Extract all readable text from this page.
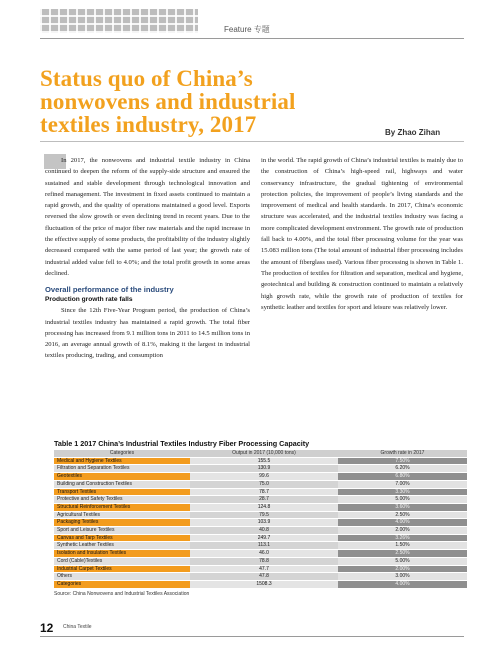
Feature 专题
Status quo of China’s nonwovens and industrial textiles industry, 2017	By Zhao Zihan

In 2017, the nonwovens and industrial textile industry in China continued to deepen the reform of the supply-side structure and ensured the sustained and stable development through technological innovation and refined management. The investment in fixed assets continued to maintain a rapid growth, and the quality of operations maintained a good level. Exports reversed the slow growth or even declining trend in recent years. Due to the fluctuation of the price of major fiber raw materials and the rapid increase in the effective supply of some products, the profitability of the industry slightly decreased compared with the same period of last year; the growth rate of industrial added value fell to 4.0%; and the total profit growth in some areas declined.

Overall performance of the industry
Production growth rate falls

Since the 12th Five-Year Program period, the production of China’s industrial textiles industry has maintained a rapid growth. The total fiber processing has increased from 9.1 million tons in 2011 to 14.5 million tons in 2016, an average annual growth of 8.1%, making it the largest in industrial textiles producing, trading, and consumption

in the world. The rapid growth of China’s industrial textiles is mainly due to the construction of China’s high-speed rail, highways and water conservancy infrastructure, the gradual tightening of environmental protection policies, the improvement of people’s living standards and the improvement of medical and health standards. In 2017, China’s economic structure was accelerated, and the industrial textiles industry was facing a more complicated development environment. The growth rate of production fall back to 4.00%, and the total fiber processing volume for the year was 15.083 million tons (The total amount of industrial fiber processing includes the amount of fiberglass used). Various fiber processing is shown in Table 1. The production of textiles for filtration and separation, medical and hygiene, geotechnical and building & construction continued to maintain a relatively high growth rate, while the growth rate of production of textiles for synthetic leather and textiles for sport and leisure was relatively lower.

Table 1 2017 China’s Industrial Textiles Industry Fiber Processing Capacity
Categories	Output in 2017 (10,000 tons)	Growth rate in 2017
Medical and Hygiene Textiles	155.5	7.50%
Filtration and Separation Textiles	130.9	6.20%
Geotextiles	99.6	6.80%
Building and Construction Textiles	75.0	7.00%
Transport Textiles	78.7	3.30%
Protective and Safety Textiles	28.7	5.00%
Structural Reinforcement Textiles	124.8	3.60%
Agricultural Textiles	79.5	2.50%
Packaging Textiles	103.9	4.00%
Sport and Leisure Textiles	40.8	2.00%
Canvas and Tarp Textiles	249.7	3.26%
Synthetic Leather Textiles	113.1	1.50%
Isolation and Insulation Textiles	46.0	2.50%
Cord (Cable)Textiles	78.8	5.00%
Industrial Carpet Textiles	47.7	2.00%
Others	47.8	3.00%
Categories	1508.3	4.00%
Source: China Nonwovens and Industrial Textiles Association
12 China Textile
